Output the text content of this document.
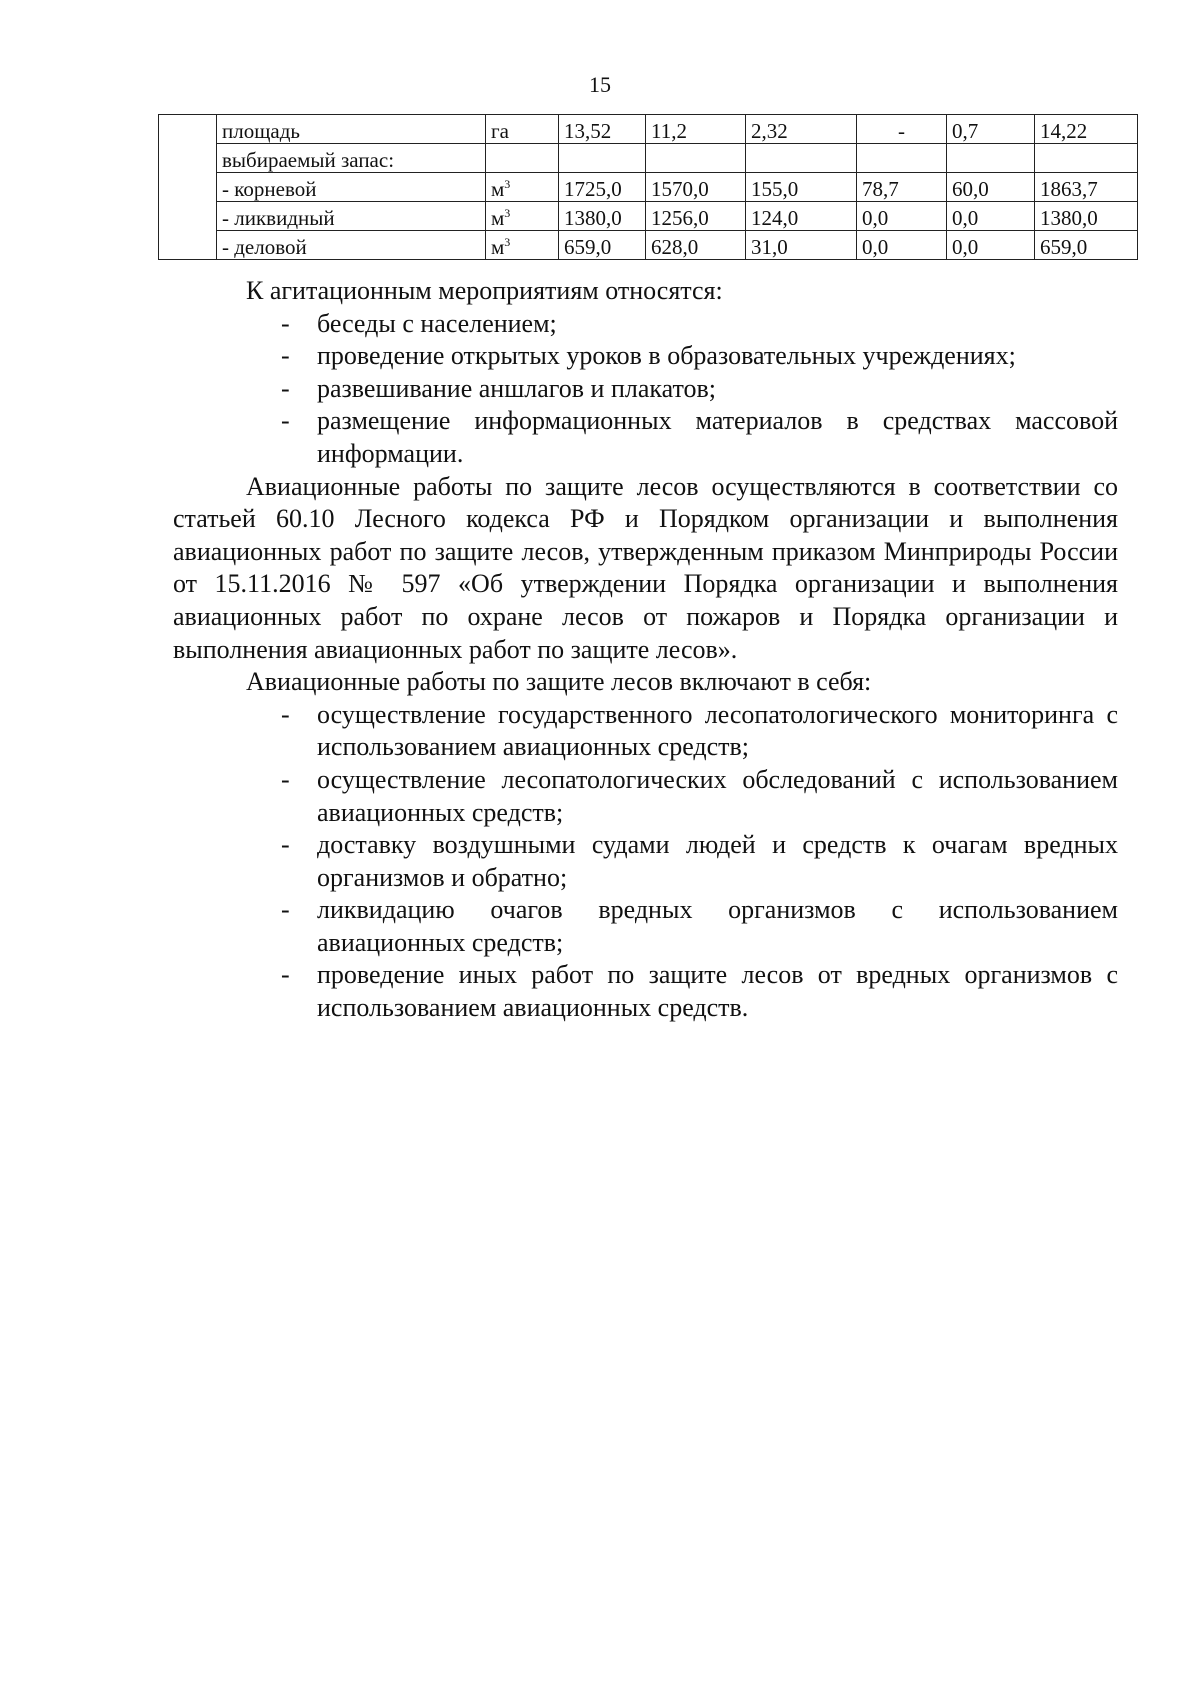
15
	площадь	га	13,52	11,2	2,32	-	0,7	14,22
	выбираемый запас:							
	- корневой	$м^3$	1725,0	1570,0	155,0	78,7	60,0	1863,7
	- ликвидный	$м^3$	1380,0	1256,0	124,0	0,0	0,0	1380,0
	- деловой	$м^3$	659,0	628,0	31,0	0,0	0,0	659,0

К агитационным мероприятиям относятся:

- беседы с населением;
- проведение открытых уроков в образовательных учреждениях;
- развешивание аншлагов и плакатов;
- размещение информационных материалов в средствах массовой информации.

Авиационные работы по защите лесов осуществляются в соответствии со статьей 60.10 Лесного кодекса РФ и Порядком организации и выполнения авиационных работ по защите лесов, утвержденным приказом Минприроды России от 15.11.2016 № 597 «Об утверждении Порядка организации и выполнения авиационных работ по охране лесов от пожаров и Порядка организации и выполнения авиационных работ по защите лесов».

Авиационные работы по защите лесов включают в себя:

- осуществление государственного лесопатологического мониторинга с использованием авиационных средств;
- осуществление лесопатологических обследований с использованием авиационных средств;
- доставку воздушными судами людей и средств к очагам вредных организмов и обратно;
- ликвидацию очагов вредных организмов с использованием авиационных средств;
- проведение иных работ по защите лесов от вредных организмов с использованием авиационных средств.
